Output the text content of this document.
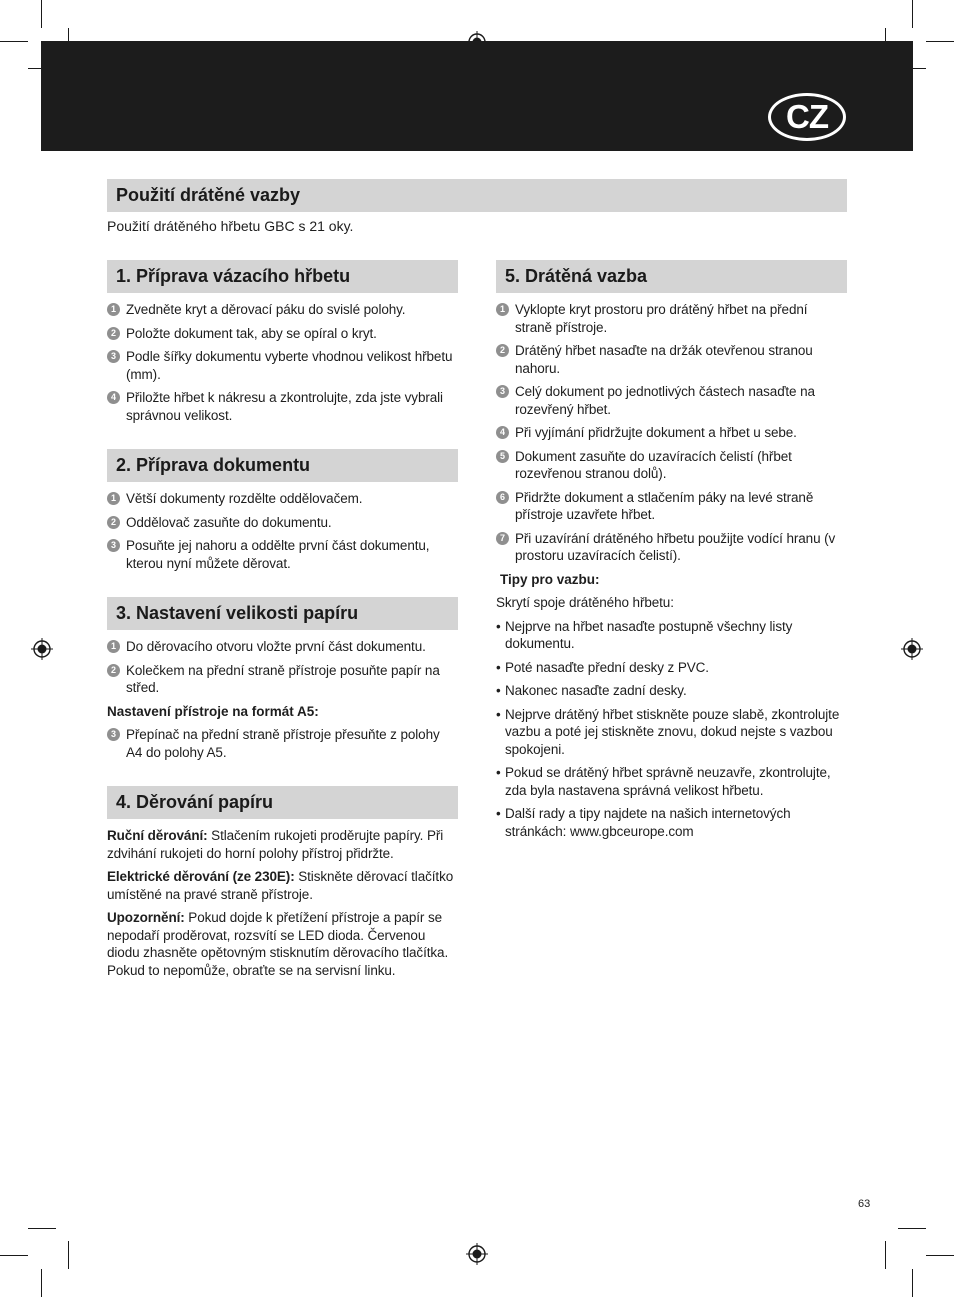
CZ
Použití drátěné vazby
Použití drátěného hřbetu GBC s 21 oky.
1. Příprava vázacího hřbetu
1 Zvedněte kryt a děrovací páku do svislé polohy.
2 Položte dokument tak, aby se opíral o kryt.
3 Podle šířky dokumentu vyberte vhodnou velikost hřbetu (mm).
4 Přiložte hřbet k nákresu a zkontrolujte, zda jste vybrali správnou velikost.
2. Příprava dokumentu
1 Větší dokumenty rozdělte oddělovačem.
2 Oddělovač zasuňte do dokumentu.
3 Posuňte jej nahoru a oddělte první část dokumentu, kterou nyní můžete děrovat.
3. Nastavení velikosti papíru
1 Do děrovacího otvoru vložte první část dokumentu.
2 Kolečkem na přední straně přístroje posuňte papír na střed.
Nastavení přístroje na formát A5:
3 Přepínač na přední straně přístroje přesuňte z polohy A4 do polohy A5.
4. Děrování papíru
Ruční děrování: Stlačením rukojeti proděrujte papíry. Při zdvihání rukojeti do horní polohy přístroj přidržte.
Elektrické děrování (ze 230E): Stiskněte děrovací tlačítko umístěné na pravé straně přístroje.
Upozornění: Pokud dojde k přetížení přístroje a papír se nepodaří proděrovat, rozsvítí se LED dioda. Červenou diodu zhasněte opětovným stisknutím děrovacího tlačítka. Pokud to nepomůže, obraťte se na servisní linku.
5. Drátěná vazba
1 Vyklopte kryt prostoru pro drátěný hřbet na přední straně přístroje.
2 Drátěný hřbet nasaďte na držák otevřenou stranou nahoru.
3 Celý dokument po jednotlivých částech nasaďte na rozevřený hřbet.
4 Při vyjímání přidržujte dokument a hřbet u sebe.
5 Dokument zasuňte do uzavíracích čelistí (hřbet rozevřenou stranou dolů).
6 Přidržte dokument a stlačením páky na levé straně přístroje uzavřete hřbet.
7 Při uzavírání drátěného hřbetu použijte vodící hranu (v prostoru uzavíracích čelistí).
Tipy pro vazbu:
Skrytí spoje drátěného hřbetu:
• Nejprve na hřbet nasaďte postupně všechny listy dokumentu.
• Poté nasaďte přední desky z PVC.
• Nakonec nasaďte zadní desky.
• Nejprve drátěný hřbet stiskněte pouze slabě, zkontrolujte vazbu a poté jej stiskněte znovu, dokud nejste s vazbou spokojeni.
• Pokud se drátěný hřbet správně neuzavře, zkontrolujte, zda byla nastavena správná velikost hřbetu.
• Další rady a tipy najdete na našich internetových stránkách: www.gbceurope.com
63
